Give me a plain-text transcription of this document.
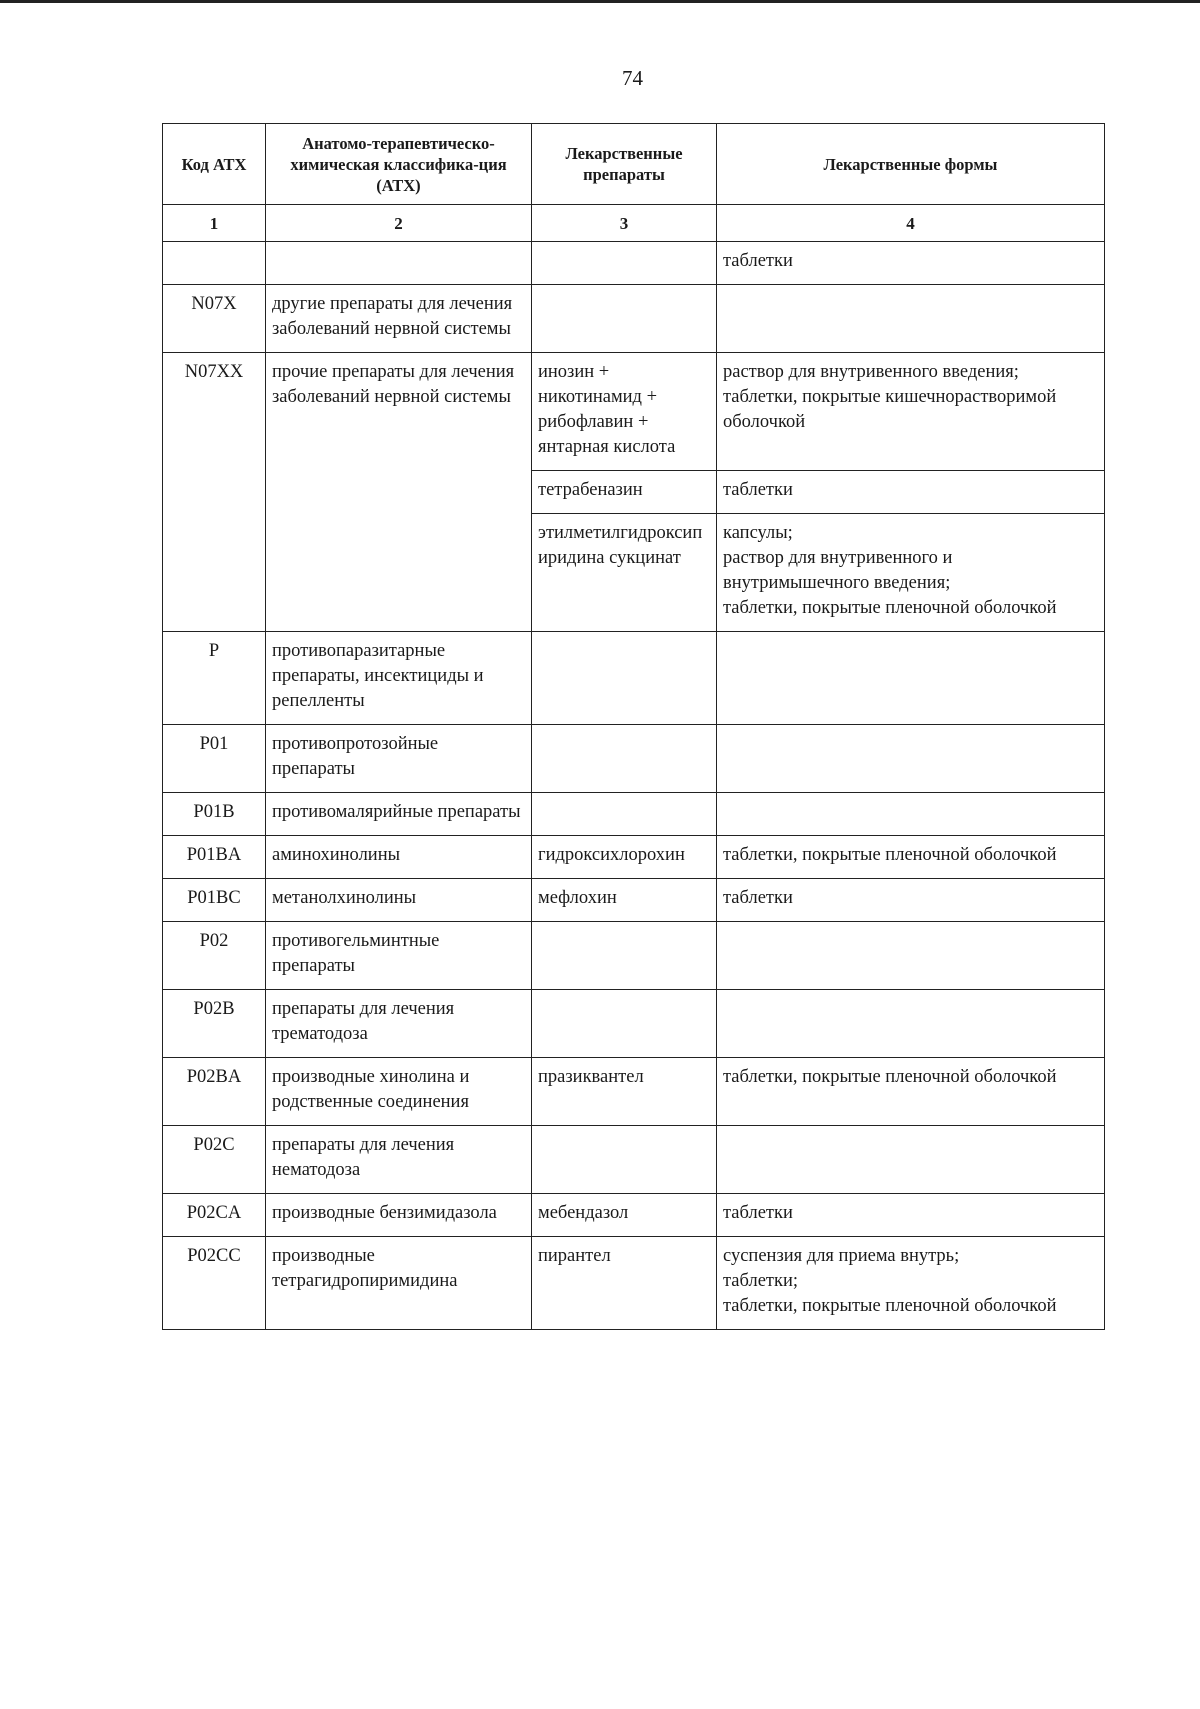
74
Код АТХ	Анатомо-терапевтическо-химическая классифика-ция (АТХ)	Лекарственные препараты	Лекарственные формы
1	2	3	4

			таблетки

N07X	другие препараты для лечения заболеваний нервной системы		
N07XX	прочие препараты для лечения заболеваний нервной системы	инозин + никотинамид + рибофлавин + янтарная кислота	раствор для внутривенного введения;
таблетки, покрытые кишечнорастворимой оболочкой

		тетрабеназин	таблетки

		этилметилгидроксипиридина сукцинат	капсулы;
раствор для внутривенного и внутримышечного введения;
таблетки, покрытые пленочной оболочкой

P	противопаразитарные препараты, инсектициды и репелленты		
P01	противопротозойные препараты		
P01B	противомалярийные препараты		
P01BA	аминохинолины	гидроксихлорохин	таблетки, покрытые пленочной оболочкой

P01BC	метанолхинолины	мефлохин	таблетки

P02	противогельминтные препараты		
P02B	препараты для лечения трематодоза		
P02BA	производные хинолина и родственные соединения	празиквантел	таблетки, покрытые пленочной оболочкой

P02C	препараты для лечения нематодоза		
P02CA	производные бензимидазола	мебендазол	таблетки

P02CC	производные тетрагидропиримидина	пирантел	суспензия для приема внутрь;
таблетки;
таблетки, покрытые пленочной оболочкой
